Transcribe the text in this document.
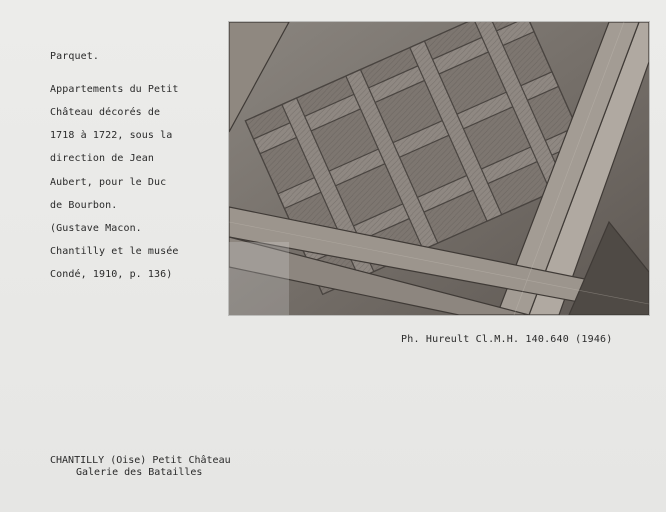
Parquet.

Appartements du Petit

Château décorés de

1718 à 1722, sous la

direction de Jean

Aubert, pour le Duc

de Bourbon.

(Gustave Macon.

Chantilly et le musée

Condé, 1910, p. 136)

Ph. Hureult Cl.M.H. 140.640 (1946)
CHANTILLY (Oise) Petit Château

Galerie des Batailles
